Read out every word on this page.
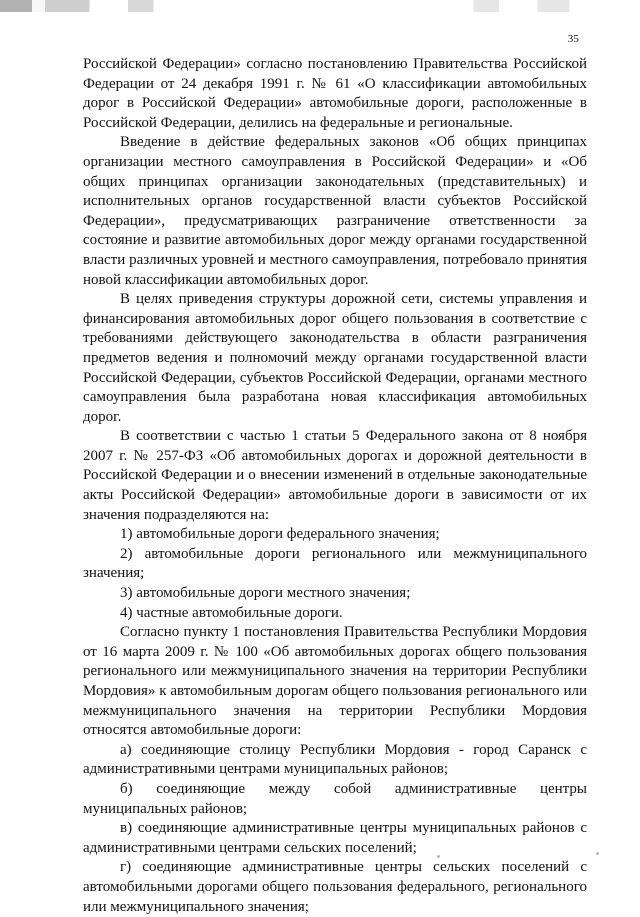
35

Российской Федерации» согласно постановлению Правительства Российской Федерации от 24 декабря 1991 г. № 61 «О классификации автомобильных дорог в Российской Федерации» автомобильные дороги, расположенные в Российской Федерации, делились на федеральные и региональные.

Введение в действие федеральных законов «Об общих принципах организации местного самоуправления в Российской Федерации» и «Об общих принципах организации законодательных (представительных) и исполнительных органов государственной власти субъектов Российской Федерации», предусматривающих разграничение ответственности за состояние и развитие автомобильных дорог между органами государственной власти различных уровней и местного самоуправления, потребовало принятия новой классификации автомобильных дорог.

В целях приведения структуры дорожной сети, системы управления и финансирования автомобильных дорог общего пользования в соответствие с требованиями действующего законодательства в области разграничения предметов ведения и полномочий между органами государственной власти Российской Федерации, субъектов Российской Федерации, органами местного самоуправления была разработана новая классификация автомобильных дорог.

В соответствии с частью 1 статьи 5 Федерального закона от 8 ноября 2007 г. № 257-ФЗ «Об автомобильных дорогах и дорожной деятельности в Российской Федерации и о внесении изменений в отдельные законодательные акты Российской Федерации» автомобильные дороги в зависимости от их значения подразделяются на:

1) автомобильные дороги федерального значения;

2) автомобильные дороги регионального или межмуниципального значения;

3) автомобильные дороги местного значения;

4) частные автомобильные дороги.

Согласно пункту 1 постановления Правительства Республики Мордовия от 16 марта 2009 г. № 100 «Об автомобильных дорогах общего пользования регионального или межмуниципального значения на территории Республики Мордовия» к автомобильным дорогам общего пользования регионального или межмуниципального значения на территории Республики Мордовия относятся автомобильные дороги:

а) соединяющие столицу Республики Мордовия - город Саранск с административными центрами муниципальных районов;

б) соединяющие между собой административные центры муниципальных районов;

в) соединяющие административные центры муниципальных районов с административными центрами сельских поселений;

г) соединяющие административные центры сельских поселений с автомобильными дорогами общего пользования федерального, регионального или межмуниципального значения;
